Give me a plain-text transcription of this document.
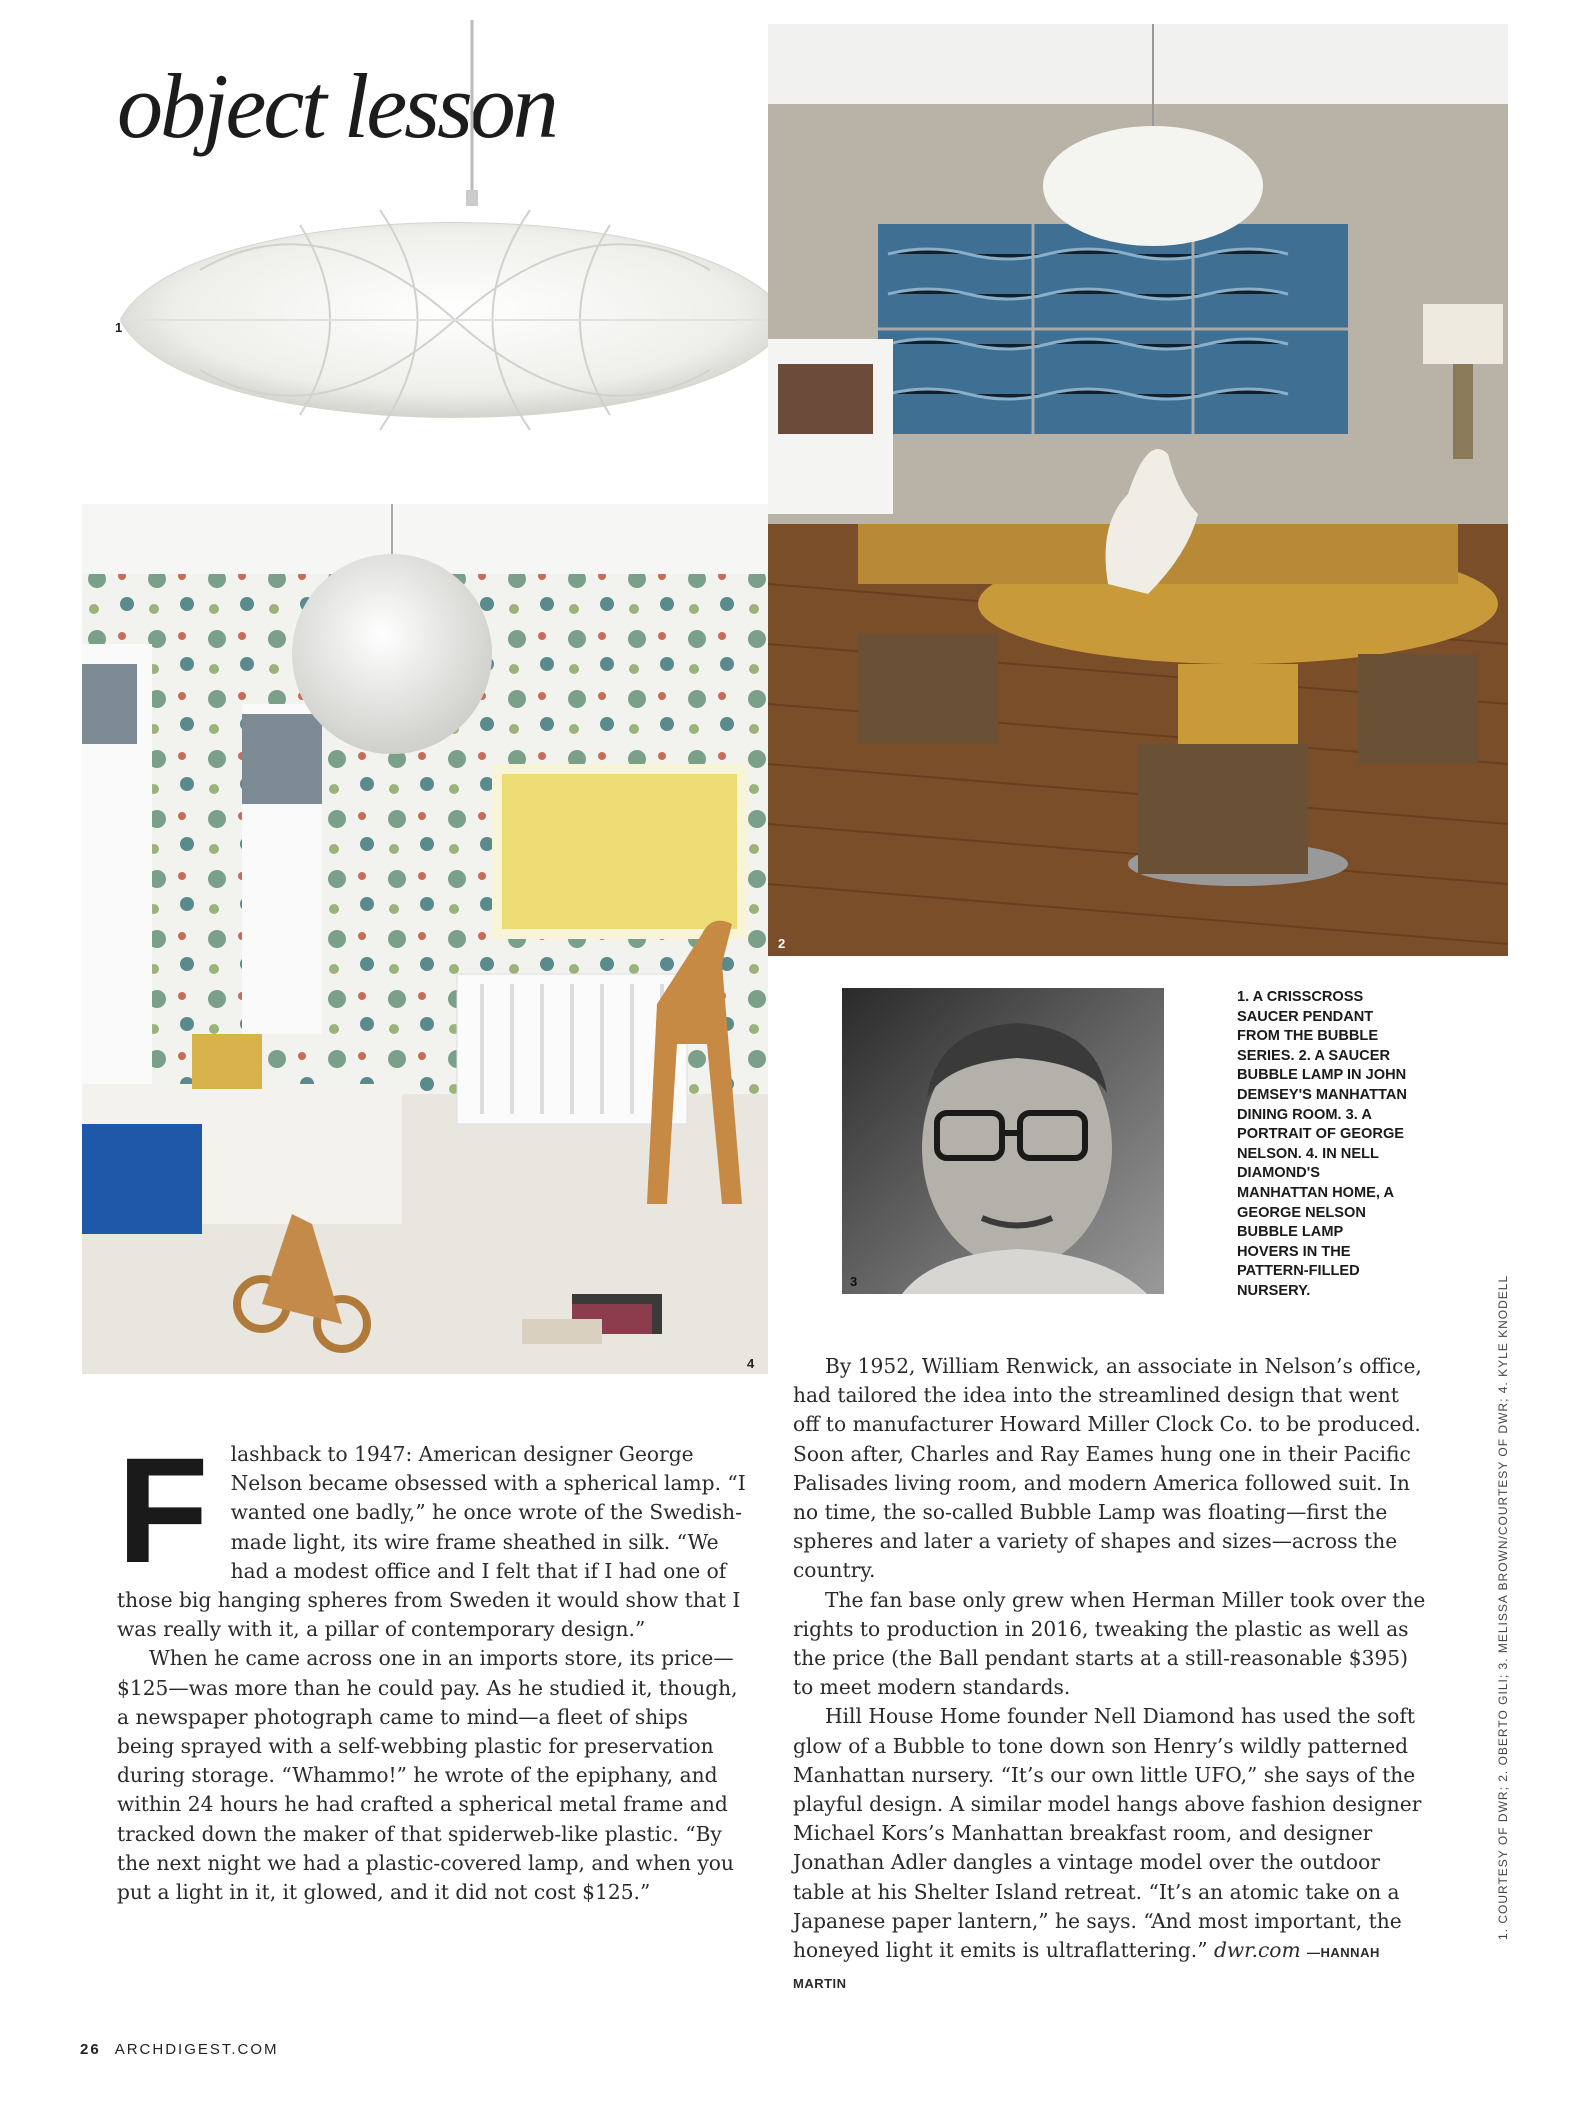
object lesson
1
2
4
3
1. A CRISSCROSS SAUCER PENDANT FROM THE BUBBLE SERIES. 2. A SAUCER BUBBLE LAMP IN JOHN DEMSEY'S MANHATTAN DINING ROOM. 3. A PORTRAIT OF GEORGE NELSON. 4. IN NELL DIAMOND'S MANHATTAN HOME, A GEORGE NELSON BUBBLE LAMP HOVERS IN THE PATTERN-FILLED NURSERY.
F	lashback to 1947: American designer George Nelson became obsessed with a spherical lamp. “I wanted one badly,” he once wrote of the Swedish-made light, its wire frame sheathed in silk. “We had a modest office and I felt that if I had one of those big hanging spheres from Sweden it would show that I was really with it, a pillar of contemporary design.”

When he came across one in an imports store, its price—$125—was more than he could pay. As he studied it, though, a newspaper photograph came to mind—a fleet of ships being sprayed with a self-webbing plastic for preservation during storage. “Whammo!” he wrote of the epiphany, and within 24 hours he had crafted a spherical metal frame and tracked down the maker of that spiderweb-like plastic. “By the next night we had a plastic-covered lamp, and when you put a light in it, it glowed, and it did not cost $125.”

By 1952, William Renwick, an associate in Nelson’s office, had tailored the idea into the streamlined design that went off to manufacturer Howard Miller Clock Co. to be produced. Soon after, Charles and Ray Eames hung one in their Pacific Palisades living room, and modern America followed suit. In no time, the so-called Bubble Lamp was floating—first the spheres and later a variety of shapes and sizes—across the country.

The fan base only grew when Herman Miller took over the rights to production in 2016, tweaking the plastic as well as the price (the Ball pendant starts at a still-reasonable $395) to meet modern standards.

Hill House Home founder Nell Diamond has used the soft glow of a Bubble to tone down son Henry’s wildly patterned Manhattan nursery. “It’s our own little UFO,” she says of the playful design. A similar model hangs above fashion designer Michael Kors’s Manhattan breakfast room, and designer Jonathan Adler dangles a vintage model over the outdoor table at his Shelter Island retreat. “It’s an atomic take on a Japanese paper lantern,” he says. “And most important, the honeyed light it emits is ultraflattering.” dwr.com —HANNAH MARTIN

1. COURTESY OF DWR; 2. OBERTO GILI; 3. MELISSA BROWN/COURTESY OF DWR; 4. KYLE KNODELL
26 ARCHDIGEST.COM
